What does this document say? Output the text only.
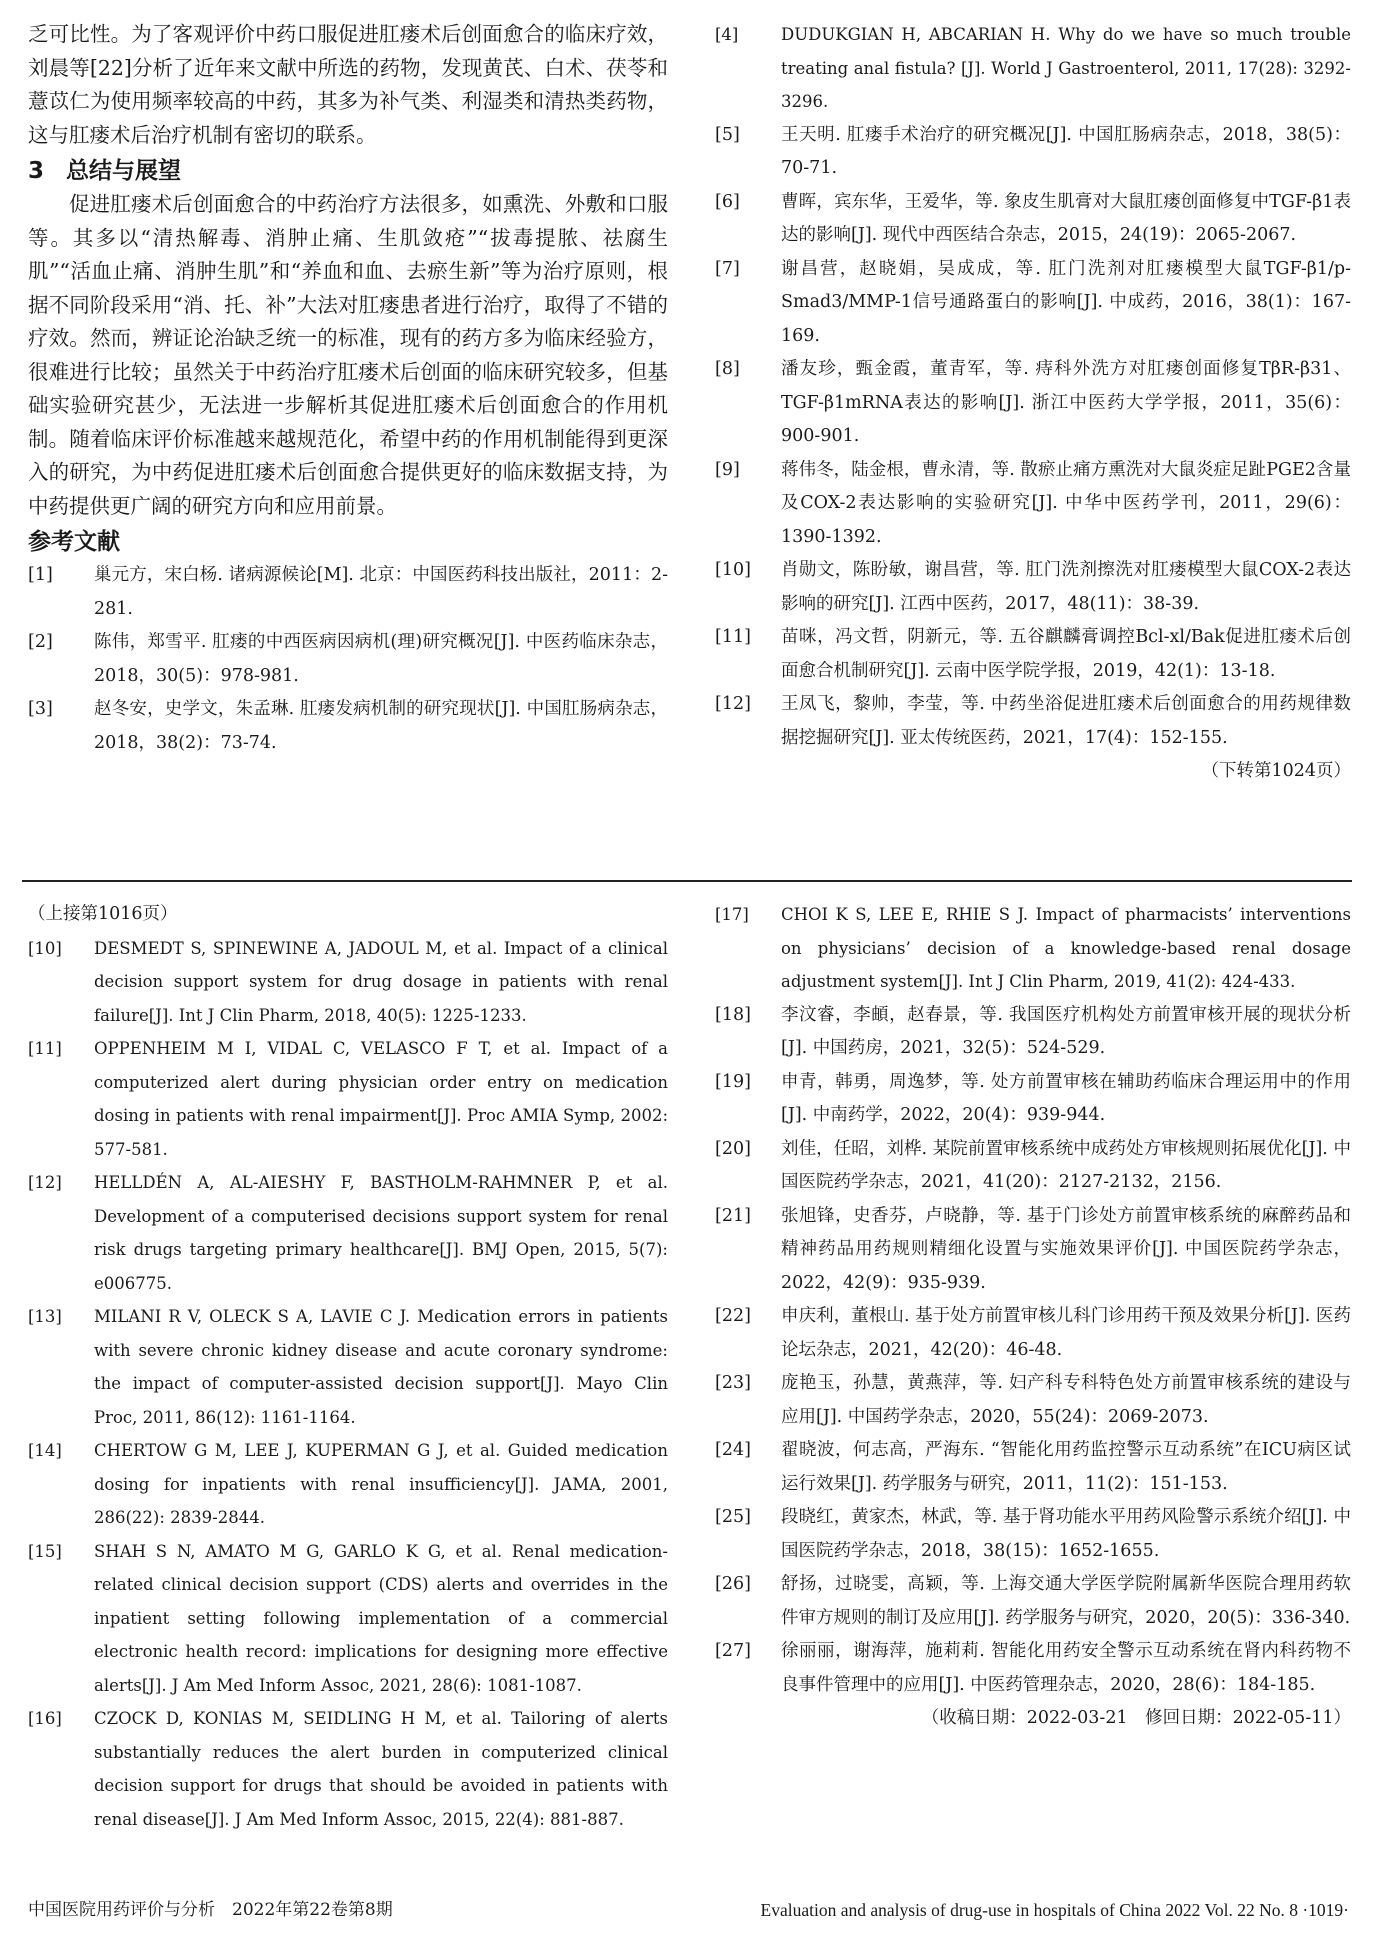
乏可比性。为了客观评价中药口服促进肛瘘术后创面愈合的临床疗效，刘晨等[22]分析了近年来文献中所选的药物，发现黄芪、白术、茯苓和薏苡仁为使用频率较高的中药，其多为补气类、利湿类和清热类药物，这与肛瘘术后治疗机制有密切的联系。

3 总结与展望

促进肛瘘术后创面愈合的中药治疗方法很多，如熏洗、外敷和口服等。其多以“清热解毒、消肿止痛、生肌敛疮”“拔毒提脓、祛腐生肌”“活血止痛、消肿生肌”和“养血和血、去瘀生新”等为治疗原则，根据不同阶段采用“消、托、补”大法对肛瘘患者进行治疗，取得了不错的疗效。然而，辨证论治缺乏统一的标准，现有的药方多为临床经验方，很难进行比较；虽然关于中药治疗肛瘘术后创面的临床研究较多，但基础实验研究甚少，无法进一步解析其促进肛瘘术后创面愈合的作用机制。随着临床评价标准越来越规范化，希望中药的作用机制能得到更深入的研究，为中药促进肛瘘术后创面愈合提供更好的临床数据支持，为中药提供更广阔的研究方向和应用前景。

参考文献

[1]	巢元方，宋白杨. 诸病源候论[M]. 北京：中国医药科技出版社，2011：2-281.
[2]	陈伟，郑雪平. 肛瘘的中西医病因病机(理)研究概况[J]. 中医药临床杂志，2018，30(5)：978-981.
[3]	赵冬安，史学文，朱孟琳. 肛瘘发病机制的研究现状[J]. 中国肛肠病杂志，2018，38(2)：73-74.
[4]	DUDUKGIAN H, ABCARIAN H. Why do we have so much trouble treating anal fistula? [J]. World J Gastroenterol, 2011, 17(28): 3292-3296.
[5]	王天明. 肛瘘手术治疗的研究概况[J]. 中国肛肠病杂志，2018，38(5)：70-71.
[6]	曹晖，宾东华，王爱华，等. 象皮生肌膏对大鼠肛瘘创面修复中TGF-β1表达的影响[J]. 现代中西医结合杂志，2015，24(19)：2065-2067.
[7]	谢昌营，赵晓娟，吴成成，等. 肛门洗剂对肛瘘模型大鼠TGF-β1/p-Smad3/MMP-1信号通路蛋白的影响[J]. 中成药，2016，38(1)：167-169.
[8]	潘友珍，甄金霞，董青军，等. 痔科外洗方对肛瘘创面修复TβR-β31、TGF-β1mRNA表达的影响[J]. 浙江中医药大学学报，2011，35(6)：900-901.
[9]	蒋伟冬，陆金根，曹永清，等. 散瘀止痛方熏洗对大鼠炎症足趾PGE2含量及COX-2表达影响的实验研究[J]. 中华中医药学刊，2011，29(6)：1390-1392.
[10]	肖勋文，陈盼敏，谢昌营，等. 肛门洗剂擦洗对肛瘘模型大鼠COX-2表达影响的研究[J]. 江西中医药，2017，48(11)：38-39.
[11]	苗咪，冯文哲，阴新元，等. 五谷麒麟膏调控Bcl-xl/Bak促进肛瘘术后创面愈合机制研究[J]. 云南中医学院学报，2019，42(1)：13-18.
[12]	王凤飞，黎帅，李莹，等. 中药坐浴促进肛瘘术后创面愈合的用药规律数据挖掘研究[J]. 亚太传统医药，2021，17(4)：152-155.

（下转第1024页）

（上接第1016页）

[10]	DESMEDT S, SPINEWINE A, JADOUL M, et al. Impact of a clinical decision support system for drug dosage in patients with renal failure[J]. Int J Clin Pharm, 2018, 40(5): 1225-1233.
[11]	OPPENHEIM M I, VIDAL C, VELASCO F T, et al. Impact of a computerized alert during physician order entry on medication dosing in patients with renal impairment[J]. Proc AMIA Symp, 2002: 577-581.
[12]	HELLDÉN A, AL-AIESHY F, BASTHOLM-RAHMNER P, et al. Development of a computerised decisions support system for renal risk drugs targeting primary healthcare[J]. BMJ Open, 2015, 5(7): e006775.
[13]	MILANI R V, OLECK S A, LAVIE C J. Medication errors in patients with severe chronic kidney disease and acute coronary syndrome: the impact of computer-assisted decision support[J]. Mayo Clin Proc, 2011, 86(12): 1161-1164.
[14]	CHERTOW G M, LEE J, KUPERMAN G J, et al. Guided medication dosing for inpatients with renal insufficiency[J]. JAMA, 2001, 286(22): 2839-2844.
[15]	SHAH S N, AMATO M G, GARLO K G, et al. Renal medication-related clinical decision support (CDS) alerts and overrides in the inpatient setting following implementation of a commercial electronic health record: implications for designing more effective alerts[J]. J Am Med Inform Assoc, 2021, 28(6): 1081-1087.
[16]	CZOCK D, KONIAS M, SEIDLING H M, et al. Tailoring of alerts substantially reduces the alert burden in computerized clinical decision support for drugs that should be avoided in patients with renal disease[J]. J Am Med Inform Assoc, 2015, 22(4): 881-887.
[17]	CHOI K S, LEE E, RHIE S J. Impact of pharmacists’ interventions on physicians’ decision of a knowledge-based renal dosage adjustment system[J]. Int J Clin Pharm, 2019, 41(2): 424-433.
[18]	李汶睿，李頔，赵春景，等. 我国医疗机构处方前置审核开展的现状分析[J]. 中国药房，2021，32(5)：524-529.
[19]	申青，韩勇，周逸梦，等. 处方前置审核在辅助药临床合理运用中的作用[J]. 中南药学，2022，20(4)：939-944.
[20]	刘佳，任昭，刘桦. 某院前置审核系统中成药处方审核规则拓展优化[J]. 中国医院药学杂志，2021，41(20)：2127-2132，2156.
[21]	张旭锋，史香芬，卢晓静，等. 基于门诊处方前置审核系统的麻醉药品和精神药品用药规则精细化设置与实施效果评价[J]. 中国医院药学杂志，2022，42(9)：935-939.
[22]	申庆利，董根山. 基于处方前置审核儿科门诊用药干预及效果分析[J]. 医药论坛杂志，2021，42(20)：46-48.
[23]	庞艳玉，孙慧，黄燕萍，等. 妇产科专科特色处方前置审核系统的建设与应用[J]. 中国药学杂志，2020，55(24)：2069-2073.
[24]	翟晓波，何志高，严海东. “智能化用药监控警示互动系统”在ICU病区试运行效果[J]. 药学服务与研究，2011，11(2)：151-153.
[25]	段晓红，黄家杰，林武，等. 基于肾功能水平用药风险警示系统介绍[J]. 中国医院药学杂志，2018，38(15)：1652-1655.
[26]	舒扬，过晓雯，高颖，等. 上海交通大学医学院附属新华医院合理用药软件审方规则的制订及应用[J]. 药学服务与研究，2020，20(5)：336-340.
[27]	徐丽丽，谢海萍，施莉莉. 智能化用药安全警示互动系统在肾内科药物不良事件管理中的应用[J]. 中医药管理杂志，2020，28(6)：184-185.

（收稿日期：2022-03-21　修回日期：2022-05-11）

中国医院用药评价与分析　2022年第22卷第8期	Evaluation and analysis of drug-use in hospitals of China 2022 Vol. 22 No. 8 ·1019·
